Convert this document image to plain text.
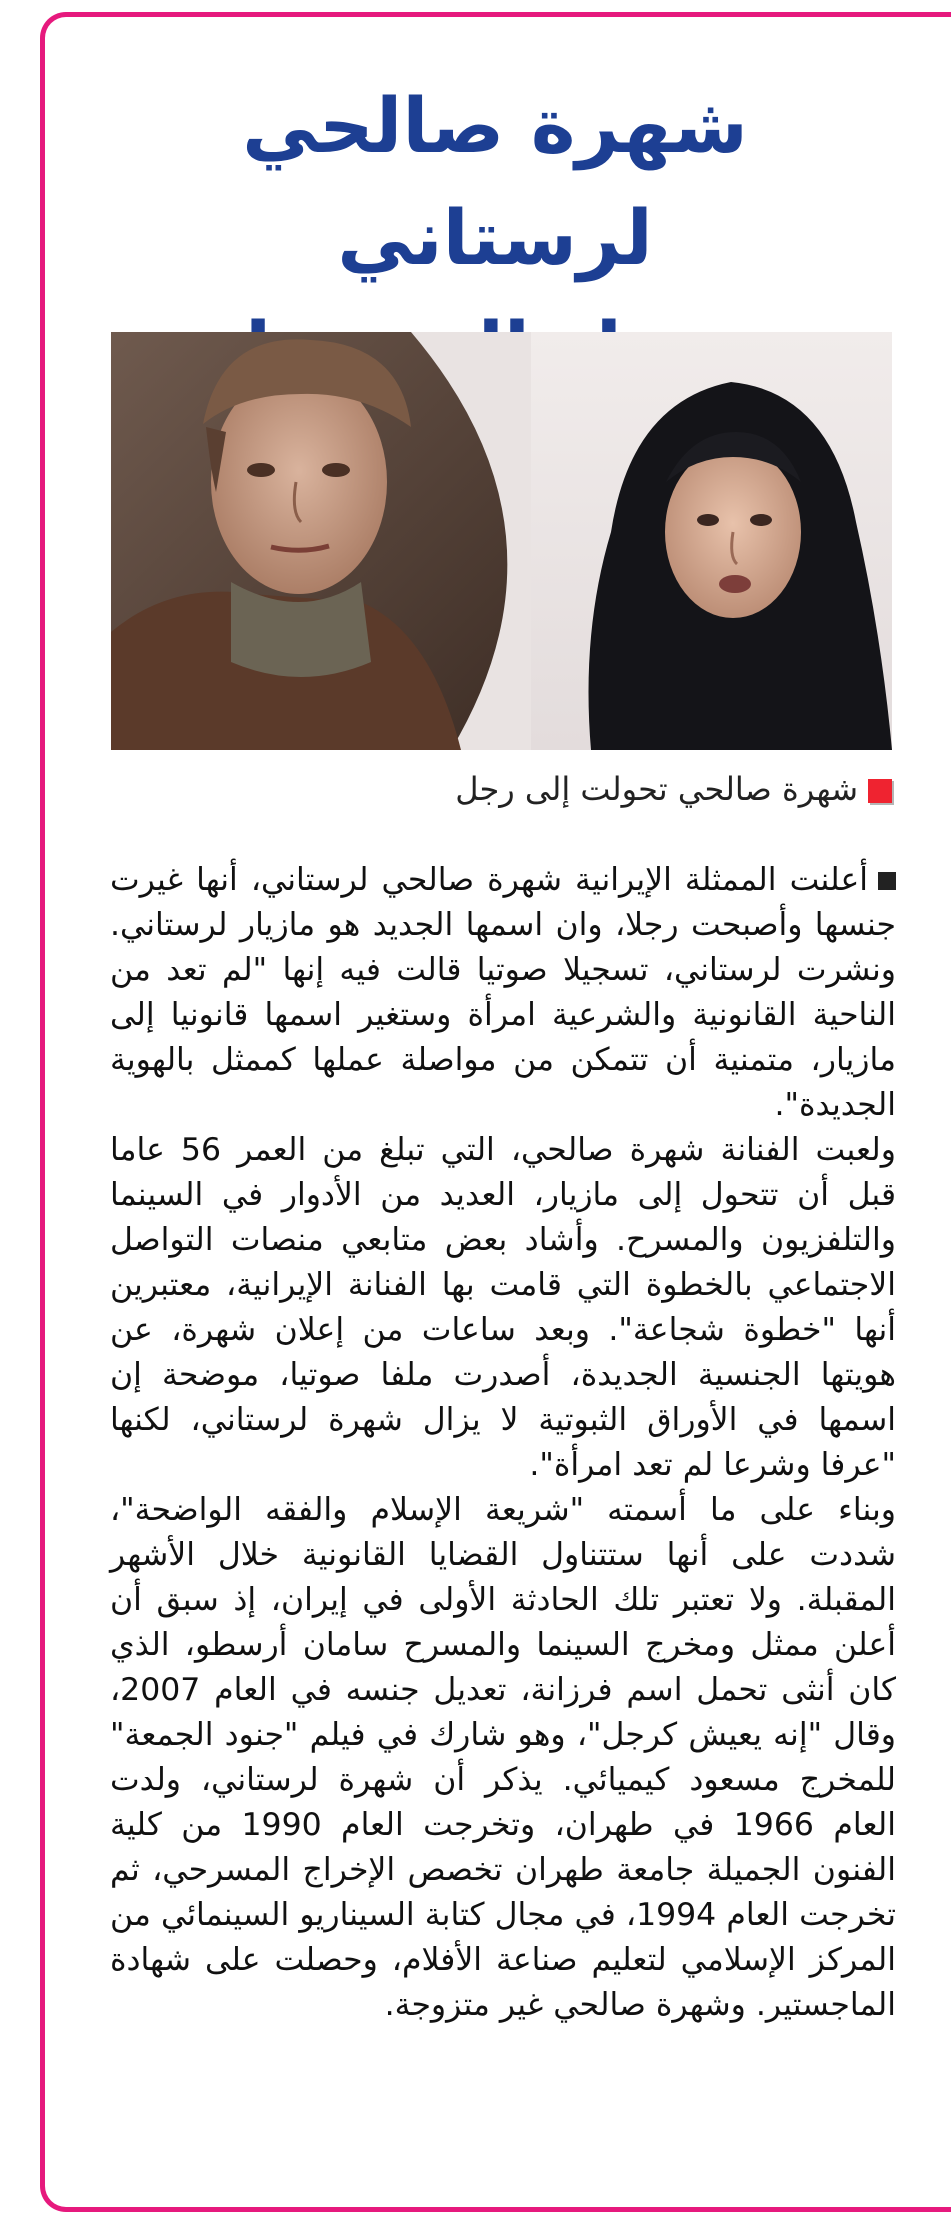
شهرة صالحي لرستاني
شهرة صالحي تحولت إلى رجل

أعلنت الممثلة الإيرانية شهرة صالحي لرستاني، أنها غيرت جنسها وأصبحت رجلا، وان اسمها الجديد هو مازيار لرستاني. ونشرت لرستاني، تسجيلا صوتيا قالت فيه إنها "لم تعد من الناحية القانونية والشرعية امرأة وستغير اسمها قانونيا إلى مازيار، متمنية أن تتمكن من مواصلة عملها كممثل بالهوية الجديدة".

ولعبت الفنانة شهرة صالحي، التي تبلغ من العمر 56 عاما قبل أن تتحول إلى مازيار، العديد من الأدوار في السينما والتلفزيون والمسرح. وأشاد بعض متابعي منصات التواصل الاجتماعي بالخطوة التي قامت بها الفنانة الإيرانية، معتبرين أنها "خطوة شجاعة". وبعد ساعات من إعلان شهرة، عن هويتها الجنسية الجديدة، أصدرت ملفا صوتيا، موضحة إن اسمها في الأوراق الثبوتية لا يزال شهرة لرستاني، لكنها "عرفا وشرعا لم تعد امرأة".

وبناء على ما أسمته "شريعة الإسلام والفقه الواضحة"، شددت على أنها ستتناول القضايا القانونية خلال الأشهر المقبلة. ولا تعتبر تلك الحادثة الأولى في إيران، إذ سبق أن أعلن ممثل ومخرج السينما والمسرح سامان أرسطو، الذي كان أنثى تحمل اسم فرزانة، تعديل جنسه في العام 2007، وقال "إنه يعيش كرجل"، وهو شارك في فيلم "جنود الجمعة" للمخرج مسعود كيميائي. يذكر أن شهرة لرستاني، ولدت العام 1966 في طهران، وتخرجت العام 1990 من كلية الفنون الجميلة جامعة طهران تخصص الإخراج المسرحي، ثم تخرجت العام 1994، في مجال كتابة السيناريو السينمائي من المركز الإسلامي لتعليم صناعة الأفلام، وحصلت على شهادة الماجستير. وشهرة صالحي غير متزوجة.
